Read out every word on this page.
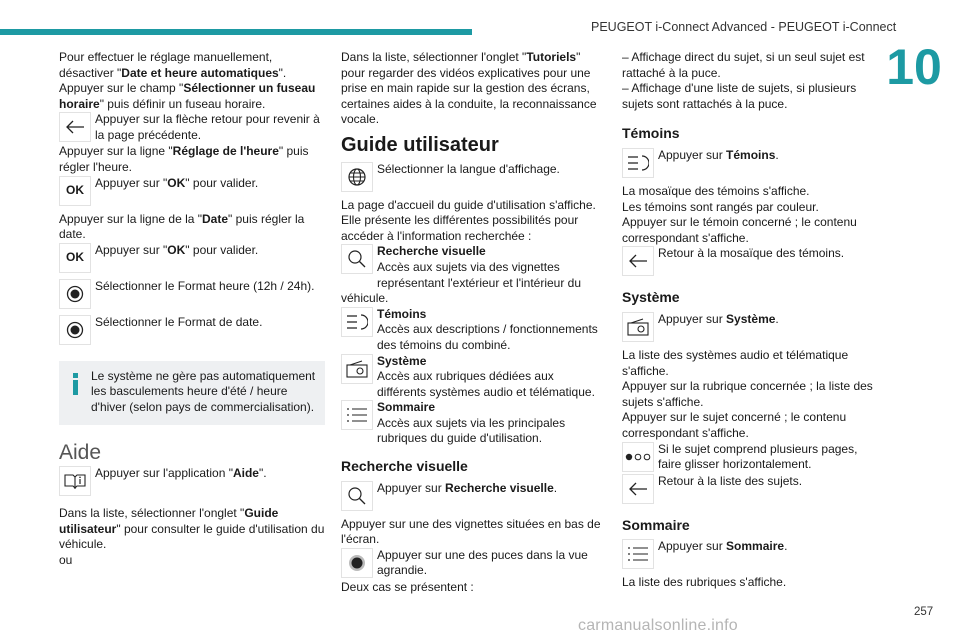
PEUGEOT i-Connect Advanced - PEUGEOT i-Connect
10
257
carmanualsonline.info

Pour effectuer le réglage manuellement, désactiver "Date et heure automatiques".

Appuyer sur le champ "Sélectionner un fuseau horaire" puis définir un fuseau horaire.

Appuyer sur la flèche retour pour revenir à la page précédente.

Appuyer sur la ligne "Réglage de l'heure" puis régler l'heure.

OK

Appuyer sur "OK" pour valider.

Appuyer sur la ligne de la "Date" puis régler la date.

OK

Appuyer sur "OK" pour valider.

Sélectionner le Format heure (12h / 24h).

Sélectionner le Format de date.

Le système ne gère pas automatiquement les basculements heure d'été / heure d'hiver (selon pays de commercialisation).
Aide

Appuyer sur l'application "Aide".

Dans la liste, sélectionner l'onglet "Guide utilisateur" pour consulter le guide d'utilisation du véhicule.

ou

Dans la liste, sélectionner l'onglet "Tutoriels" pour regarder des vidéos explicatives pour une prise en main rapide sur la gestion des écrans, certaines aides à la conduite, la reconnaissance vocale.

Guide utilisateur

Sélectionner la langue d'affichage.

La page d'accueil du guide d'utilisation s'affiche.

Elle présente les différentes possibilités pour accéder à l'information recherchée :

Recherche visuelle
Accès aux sujets via des vignettes représentant l'extérieur et l'intérieur du véhicule.
Témoins
Accès aux descriptions / fonctionnements des témoins du combiné.
Système
Accès aux rubriques dédiées aux différents systèmes audio et télématique.
Sommaire
Accès aux sujets via les principales rubriques du guide d'utilisation.
Recherche visuelle

Appuyer sur Recherche visuelle.

Appuyer sur une des vignettes situées en bas de l'écran.

Appuyer sur une des puces dans la vue agrandie.

Deux cas se présentent :

– Affichage direct du sujet, si un seul sujet est rattaché à la puce.

– Affichage d'une liste de sujets, si plusieurs sujets sont rattachés à la puce.

Témoins

Appuyer sur Témoins.

La mosaïque des témoins s'affiche.

Les témoins sont rangés par couleur.

Appuyer sur le témoin concerné ; le contenu correspondant s'affiche.

Retour à la mosaïque des témoins.

Système

Appuyer sur Système.

La liste des systèmes audio et télématique s'affiche.

Appuyer sur la rubrique concernée ; la liste des sujets s'affiche.

Appuyer sur le sujet concerné ; le contenu correspondant s'affiche.

Si le sujet comprend plusieurs pages, faire glisser horizontalement.

Retour à la liste des sujets.

Sommaire

Appuyer sur Sommaire.

La liste des rubriques s'affiche.
